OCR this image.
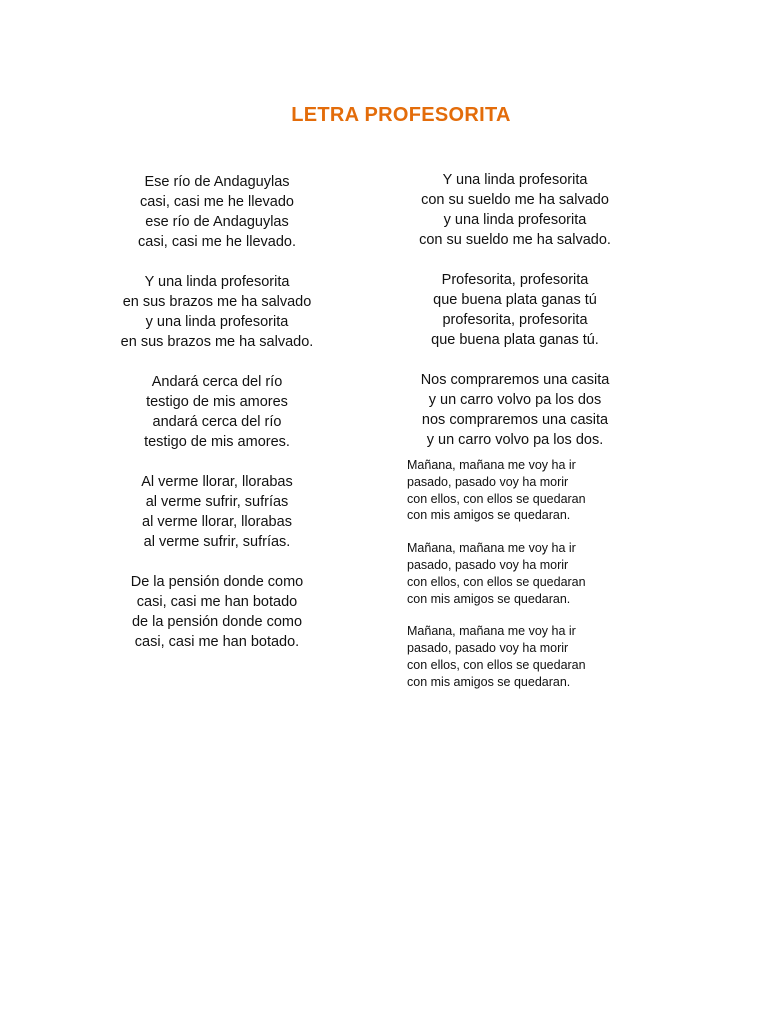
LETRA PROFESORITA
Ese río de Andaguylas
casi, casi me he llevado
ese río de Andaguylas
casi, casi me he llevado.
Y una linda profesorita
en sus brazos me ha salvado
y una linda profesorita
en sus brazos me ha salvado.
Andará cerca del río
testigo de mis amores
andará cerca del río
testigo de mis amores.
Al verme llorar, llorabas
al verme sufrir, sufrías
al verme llorar, llorabas
al verme sufrir, sufrías.
De la pensión donde como
casi, casi me han botado
de la pensión donde como
casi, casi me han botado.
Y una linda profesorita
con su sueldo me ha salvado
y una linda profesorita
con su sueldo me ha salvado.
Profesorita, profesorita
que buena plata ganas tú
profesorita, profesorita
que buena plata ganas tú.
Nos compraremos una casita
y un carro volvo pa los dos
nos compraremos una casita
y un carro volvo pa los dos.
Mañana, mañana me voy ha ir
pasado, pasado voy ha morir
con ellos, con ellos se quedaran
con mis amigos se quedaran.
Mañana, mañana me voy ha ir
pasado, pasado voy ha morir
con ellos, con ellos se quedaran
con mis amigos se quedaran.
Mañana, mañana me voy ha ir
pasado, pasado voy ha morir
con ellos, con ellos se quedaran
con mis amigos se quedaran.
